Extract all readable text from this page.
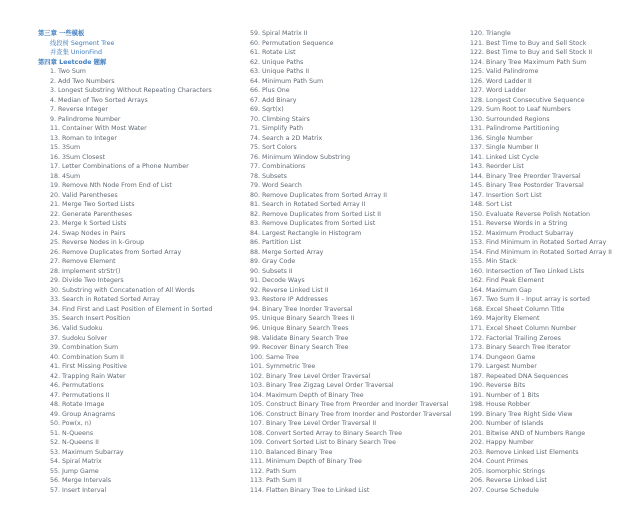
第三章 一些模板
线段树 Segment Tree
并查集 UnionFind
第四章 Leetcode 题解
1. Two Sum
2. Add Two Numbers
3. Longest Substring Without Repeating Characters
4. Median of Two Sorted Arrays
7. Reverse Integer
9. Palindrome Number
11. Container With Most Water
13. Roman to Integer
15. 3Sum
16. 3Sum Closest
17. Letter Combinations of a Phone Number
18. 4Sum
19. Remove Nth Node From End of List
20. Valid Parentheses
21. Merge Two Sorted Lists
22. Generate Parentheses
23. Merge k Sorted Lists
24. Swap Nodes in Pairs
25. Reverse Nodes in k-Group
26. Remove Duplicates from Sorted Array
27. Remove Element
28. Implement strStr()
29. Divide Two Integers
30. Substring with Concatenation of All Words
33. Search in Rotated Sorted Array
34. Find First and Last Position of Element in Sorted
35. Search Insert Position
36. Valid Sudoku
37. Sudoku Solver
39. Combination Sum
40. Combination Sum II
41. First Missing Positive
42. Trapping Rain Water
46. Permutations
47. Permutations II
48. Rotate Image
49. Group Anagrams
50. Pow(x, n)
51. N-Queens
52. N-Queens II
53. Maximum Subarray
54. Spiral Matrix
55. Jump Game
56. Merge Intervals
57. Insert Interval
59. Spiral Matrix II
60. Permutation Sequence
61. Rotate List
62. Unique Paths
63. Unique Paths II
64. Minimum Path Sum
66. Plus One
67. Add Binary
69. Sqrt(x)
70. Climbing Stairs
71. Simplify Path
74. Search a 2D Matrix
75. Sort Colors
76. Minimum Window Substring
77. Combinations
78. Subsets
79. Word Search
80. Remove Duplicates from Sorted Array II
81. Search in Rotated Sorted Array II
82. Remove Duplicates from Sorted List II
83. Remove Duplicates from Sorted List
84. Largest Rectangle in Histogram
86. Partition List
88. Merge Sorted Array
89. Gray Code
90. Subsets II
91. Decode Ways
92. Reverse Linked List II
93. Restore IP Addresses
94. Binary Tree Inorder Traversal
95. Unique Binary Search Trees II
96. Unique Binary Search Trees
98. Validate Binary Search Tree
99. Recover Binary Search Tree
100. Same Tree
101. Symmetric Tree
102. Binary Tree Level Order Traversal
103. Binary Tree Zigzag Level Order Traversal
104. Maximum Depth of Binary Tree
105. Construct Binary Tree from Preorder and Inorder Traversal
106. Construct Binary Tree from Inorder and Postorder Traversal
107. Binary Tree Level Order Traversal II
108. Convert Sorted Array to Binary Search Tree
109. Convert Sorted List to Binary Search Tree
110. Balanced Binary Tree
111. Minimum Depth of Binary Tree
112. Path Sum
113. Path Sum II
114. Flatten Binary Tree to Linked List
120. Triangle
121. Best Time to Buy and Sell Stock
122. Best Time to Buy and Sell Stock II
124. Binary Tree Maximum Path Sum
125. Valid Palindrome
126. Word Ladder II
127. Word Ladder
128. Longest Consecutive Sequence
129. Sum Root to Leaf Numbers
130. Surrounded Regions
131. Palindrome Partitioning
136. Single Number
137. Single Number II
141. Linked List Cycle
143. Reorder List
144. Binary Tree Preorder Traversal
145. Binary Tree Postorder Traversal
147. Insertion Sort List
148. Sort List
150. Evaluate Reverse Polish Notation
151. Reverse Words in a String
152. Maximum Product Subarray
153. Find Minimum in Rotated Sorted Array
154. Find Minimum in Rotated Sorted Array II
155. Min Stack
160. Intersection of Two Linked Lists
162. Find Peak Element
164. Maximum Gap
167. Two Sum II - Input array is sorted
168. Excel Sheet Column Title
169. Majority Element
171. Excel Sheet Column Number
172. Factorial Trailing Zeroes
173. Binary Search Tree Iterator
174. Dungeon Game
179. Largest Number
187. Repeated DNA Sequences
190. Reverse Bits
191. Number of 1 Bits
198. House Robber
199. Binary Tree Right Side View
200. Number of Islands
201. Bitwise AND of Numbers Range
202. Happy Number
203. Remove Linked List Elements
204. Count Primes
205. Isomorphic Strings
206. Reverse Linked List
207. Course Schedule
